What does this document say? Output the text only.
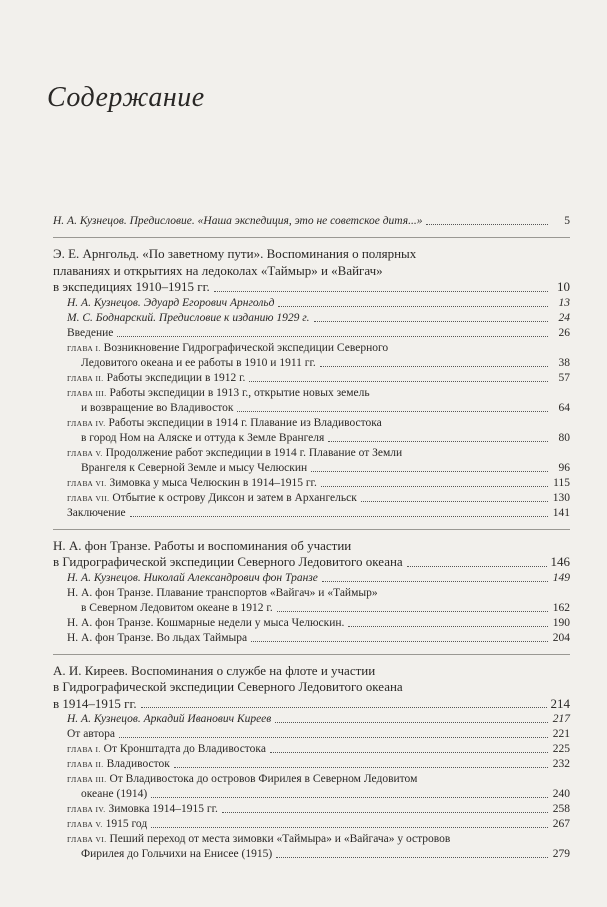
Содержание
Н. А. Кузнецов. Предисловие. «Наша экспедиция, это не советское дитя...»	5
Э. Е. Арнгольд. «По заветному пути». Воспоминания о полярных
плаваниях и открытиях на ледоколах «Таймыр» и «Вайгач»
в экспедициях 1910–1915 гг.	10
Н. А. Кузнецов. Эдуард Егорович Арнгольд	13
М. С. Боднарский. Предисловие к изданию 1929 г.	24
Введение	26
ГЛАВА I. Возникновение Гидрографической экспедиции Северного
Ледовитого океана и ее работы в 1910 и 1911 гг.	38
ГЛАВА II. Работы экспедиции в 1912 г.	57
ГЛАВА III. Работы экспедиции в 1913 г., открытие новых земель
и возвращение во Владивосток	64
ГЛАВА IV. Работы экспедиции в 1914 г. Плавание из Владивостока
в город Ном на Аляске и оттуда к Земле Врангеля	80
ГЛАВА V. Продолжение работ экспедиции в 1914 г. Плавание от Земли
Врангеля к Северной Земле и мысу Челюскин	96
ГЛАВА VI. Зимовка у мыса Челюскин в 1914–1915 гг.	115
ГЛАВА VII. Отбытие к острову Диксон и затем в Архангельск	130
Заключение	141
Н. А. фон Транзе. Работы и воспоминания об участии
в Гидрографической экспедиции Северного Ледовитого океана	146
Н. А. Кузнецов. Николай Александрович фон Транзе	149
Н. А. фон Транзе. Плавание транспортов «Вайгач» и «Таймыр»
в Северном Ледовитом океане в 1912 г.	162
Н. А. фон Транзе. Кошмарные недели у мыса Челюскин.	190
Н. А. фон Транзе. Во льдах Таймыра	204
А. И. Киреев. Воспоминания о службе на флоте и участии
в Гидрографической экспедиции Северного Ледовитого океана
в 1914–1915 гг.	214
Н. А. Кузнецов. Аркадий Иванович Киреев	217
От автора	221
ГЛАВА I. От Кронштадта до Владивостока	225
ГЛАВА II. Владивосток	232
ГЛАВА III. От Владивостока до островов Фирилея в Северном Ледовитом
океане (1914)	240
ГЛАВА IV. Зимовка 1914–1915 гг.	258
ГЛАВА V. 1915 год	267
ГЛАВА VI. Пеший переход от места зимовки «Таймыра» и «Вайгача» у островов
Фирилея до Гольчихи на Енисее (1915)	279
